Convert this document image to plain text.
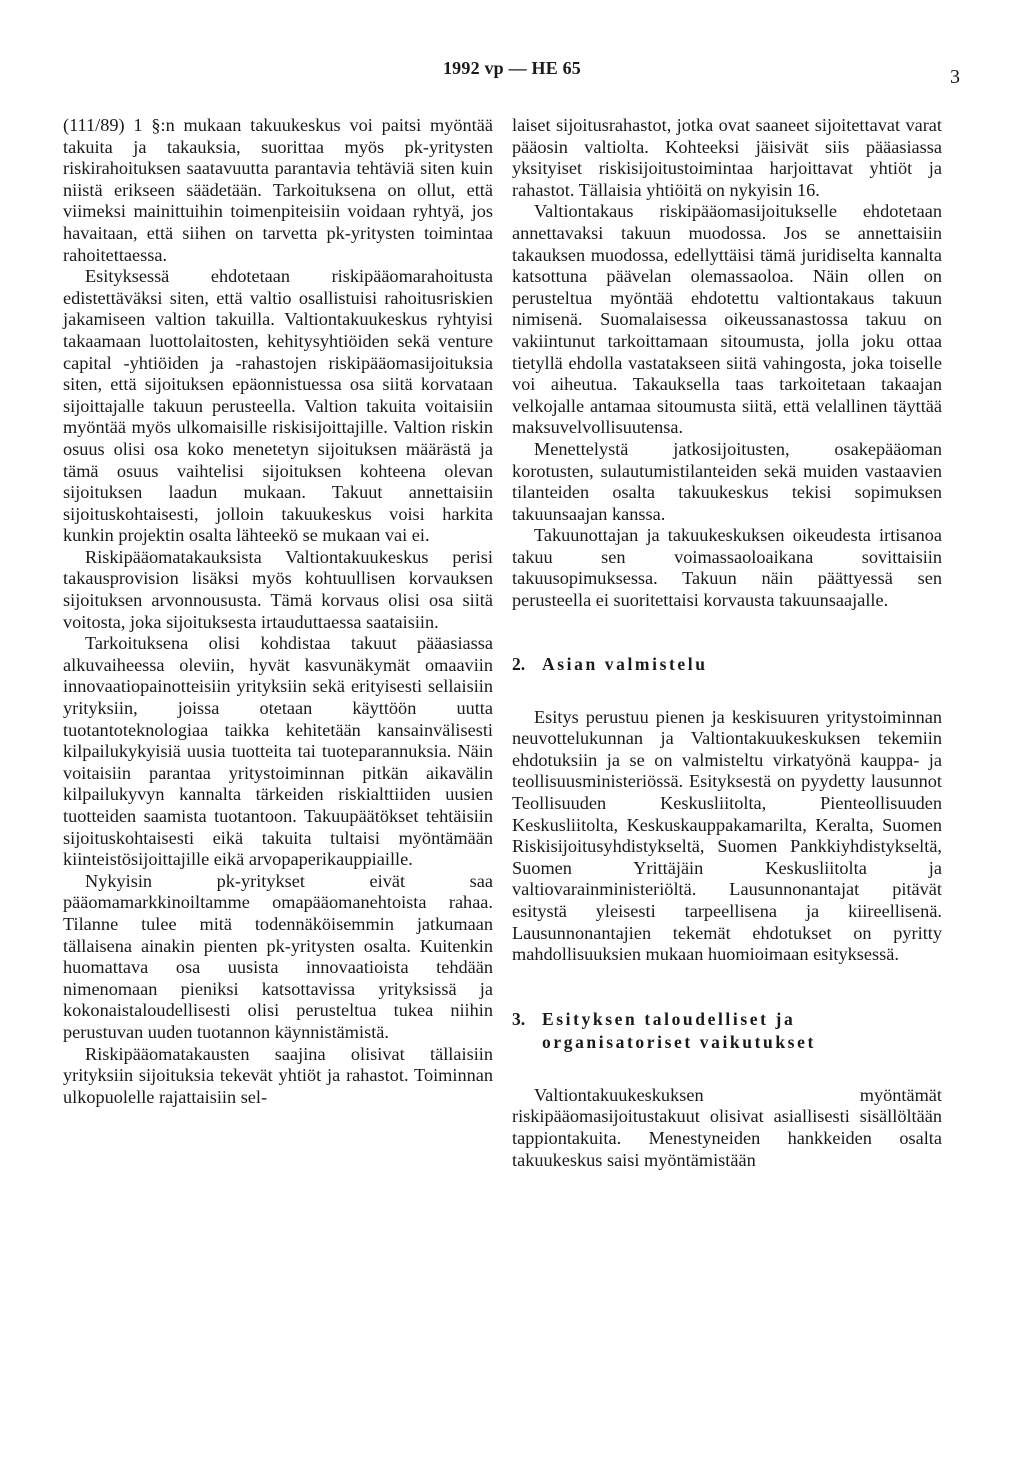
1992 vp — HE 65	3

(111/89) 1 §:n mukaan takuukeskus voi paitsi myöntää takuita ja takauksia, suorittaa myös pk-yritysten riskirahoituksen saatavuutta parantavia tehtäviä siten kuin niistä erikseen säädetään. Tarkoituksena on ollut, että viimeksi mainittuihin toimenpiteisiin voidaan ryhtyä, jos havaitaan, että siihen on tarvetta pk-yritysten toimintaa rahoitettaessa.

Esityksessä ehdotetaan riskipääomarahoitusta edistettäväksi siten, että valtio osallistuisi rahoitusriskien jakamiseen valtion takuilla. Valtiontakuukeskus ryhtyisi takaamaan luottolaitosten, kehitysyhtiöiden sekä venture capital -yhtiöiden ja -rahastojen riskipääomasijoituksia siten, että sijoituksen epäonnistuessa osa siitä korvataan sijoittajalle takuun perusteella. Valtion takuita voitaisiin myöntää myös ulkomaisille riskisijoittajille. Valtion riskin osuus olisi osa koko menetetyn sijoituksen määrästä ja tämä osuus vaihtelisi sijoituksen kohteena olevan sijoituksen laadun mukaan. Takuut annettaisiin sijoituskohtaisesti, jolloin takuukeskus voisi harkita kunkin projektin osalta lähteekö se mukaan vai ei.

Riskipääomatakauksista Valtiontakuukeskus perisi takausprovision lisäksi myös kohtuullisen korvauksen sijoituksen arvonnoususta. Tämä korvaus olisi osa siitä voitosta, joka sijoituksesta irtauduttaessa saataisiin.

Tarkoituksena olisi kohdistaa takuut pääasiassa alkuvaiheessa oleviin, hyvät kasvunäkymät omaaviin innovaatiopainotteisiin yrityksiin sekä erityisesti sellaisiin yrityksiin, joissa otetaan käyttöön uutta tuotantoteknologiaa taikka kehitetään kansainvälisesti kilpailukykyisiä uusia tuotteita tai tuoteparannuksia. Näin voitaisiin parantaa yritystoiminnan pitkän aikavälin kilpailukyvyn kannalta tärkeiden riskialttiiden uusien tuotteiden saamista tuotantoon. Takuupäätökset tehtäisiin sijoituskohtaisesti eikä takuita tultaisi myöntämään kiinteistösijoittajille eikä arvopaperikauppiaille.

Nykyisin pk-yritykset eivät saa pääomamarkkinoiltamme omapääomanehtoista rahaa. Tilanne tulee mitä todennäköisemmin jatkumaan tällaisena ainakin pienten pk-yritysten osalta. Kuitenkin huomattava osa uusista innovaatioista tehdään nimenomaan pieniksi katsottavissa yrityksissä ja kokonaistaloudellisesti olisi perusteltua tukea niihin perustuvan uuden tuotannon käynnistämistä.

Riskipääomatakausten saajina olisivat tällaisiin yrityksiin sijoituksia tekevät yhtiöt ja rahastot. Toiminnan ulkopuolelle rajattaisiin sel-

laiset sijoitusrahastot, jotka ovat saaneet sijoitettavat varat pääosin valtiolta. Kohteeksi jäisivät siis pääasiassa yksityiset riskisijoitustoimintaa harjoittavat yhtiöt ja rahastot. Tällaisia yhtiöitä on nykyisin 16.

Valtiontakaus riskipääomasijoitukselle ehdotetaan annettavaksi takuun muodossa. Jos se annettaisiin takauksen muodossa, edellyttäisi tämä juridiselta kannalta katsottuna päävelan olemassaoloa. Näin ollen on perusteltua myöntää ehdotettu valtiontakaus takuun nimisenä. Suomalaisessa oikeussanastossa takuu on vakiintunut tarkoittamaan sitoumusta, jolla joku ottaa tietyllä ehdolla vastatakseen siitä vahingosta, joka toiselle voi aiheutua. Takauksella taas tarkoitetaan takaajan velkojalle antamaa sitoumusta siitä, että velallinen täyttää maksuvelvollisuutensa.

Menettelystä jatkosijoitusten, osakepääoman korotusten, sulautumistilanteiden sekä muiden vastaavien tilanteiden osalta takuukeskus tekisi sopimuksen takuunsaajan kanssa.

Takuunottajan ja takuukeskuksen oikeudesta irtisanoa takuu sen voimassaoloaikana sovittaisiin takuusopimuksessa. Takuun näin päättyessä sen perusteella ei suoritettaisi korvausta takuunsaajalle.

2. Asian valmistelu

Esitys perustuu pienen ja keskisuuren yritystoiminnan neuvottelukunnan ja Valtiontakuukeskuksen tekemiin ehdotuksiin ja se on valmisteltu virkatyönä kauppa- ja teollisuusministeriössä. Esityksestä on pyydetty lausunnot Teollisuuden Keskusliitolta, Pienteollisuuden Keskusliitolta, Keskuskauppakamarilta, Keralta, Suomen Riskisijoitusyhdistykseltä, Suomen Pankkiyhdistykseltä, Suomen Yrittäjäin Keskusliitolta ja valtiovarainministeriöltä. Lausunnonantajat pitävät esitystä yleisesti tarpeellisena ja kiireellisenä. Lausunnonantajien tekemät ehdotukset on pyritty mahdollisuuksien mukaan huomioimaan esityksessä.

3. Esityksen taloudelliset ja
organisatoriset vaikutukset

Valtiontakuukeskuksen myöntämät riskipääomasijoitustakuut olisivat asiallisesti sisällöltään tappiontakuita. Menestyneiden hankkeiden osalta takuukeskus saisi myöntämistään
